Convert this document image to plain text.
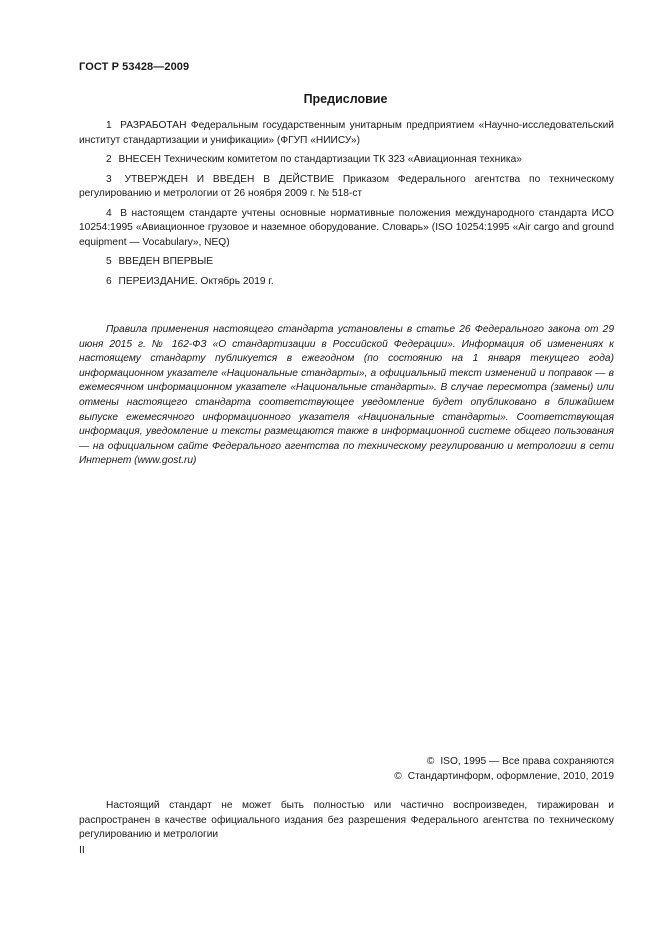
ГОСТ Р 53428—2009
Предисловие

1 РАЗРАБОТАН Федеральным государственным унитарным предприятием «Научно-исследовательский институт стандартизации и унификации» (ФГУП «НИИСУ»)

2 ВНЕСЕН Техническим комитетом по стандартизации ТК 323 «Авиационная техника»

3 УТВЕРЖДЕН И ВВЕДЕН В ДЕЙСТВИЕ Приказом Федерального агентства по техническому регулированию и метрологии от 26 ноября 2009 г. № 518-ст

4 В настоящем стандарте учтены основные нормативные положения международного стандарта ИСО 10254:1995 «Авиационное грузовое и наземное оборудование. Словарь» (ISO 10254:1995 «Air cargo and ground equipment — Vocabulary», NEQ)

5 ВВЕДЕН ВПЕРВЫЕ

6 ПЕРЕИЗДАНИЕ. Октябрь 2019 г.

Правила применения настоящего стандарта установлены в статье 26 Федерального закона от 29 июня 2015 г. № 162-ФЗ «О стандартизации в Российской Федерации». Информация об изменениях к настоящему стандарту публикуется в ежегодном (по состоянию на 1 января текущего года) информационном указателе «Национальные стандарты», а официальный текст изменений и поправок — в ежемесячном информационном указателе «Национальные стандарты». В случае пересмотра (замены) или отмены настоящего стандарта соответствующее уведомление будет опубликовано в ближайшем выпуске ежемесячного информационного указателя «Национальные стандарты». Соответствующая информация, уведомление и тексты размещаются также в информационной системе общего пользования — на официальном сайте Федерального агентства по техническому регулированию и метрологии в сети Интернет (www.gost.ru)

© ISO, 1995 — Все права сохраняются
© Стандартинформ, оформление, 2010, 2019

Настоящий стандарт не может быть полностью или частично воспроизведен, тиражирован и распространен в качестве официального издания без разрешения Федерального агентства по техническому регулированию и метрологии

II
